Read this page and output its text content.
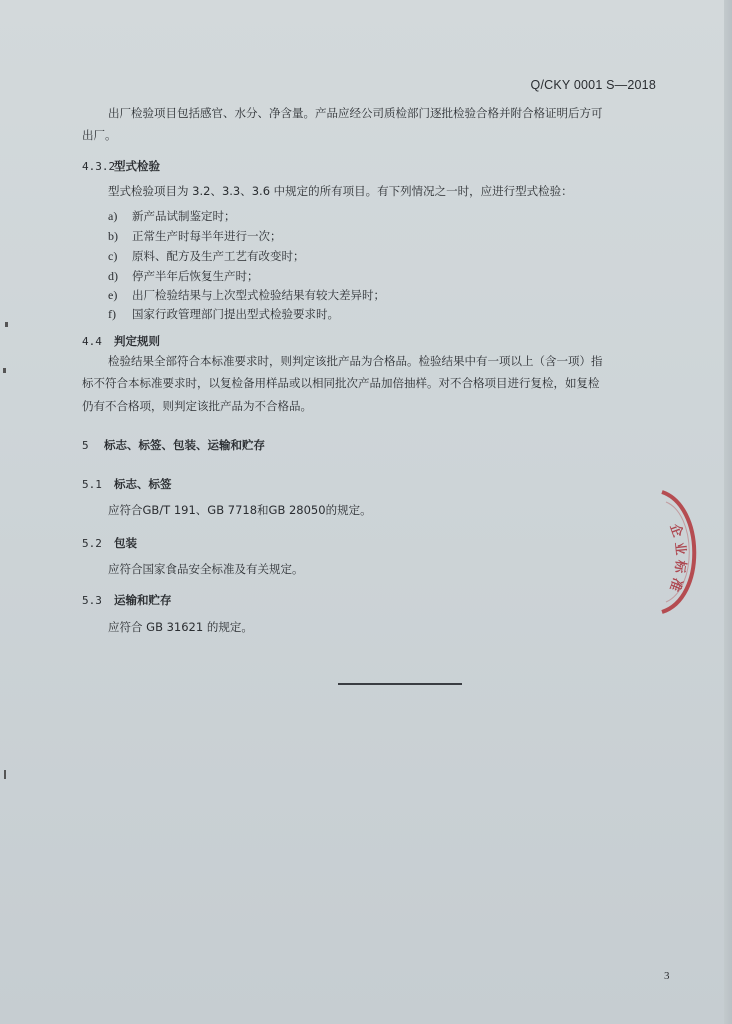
Q/CKY 0001 S—2018
出厂检验项目包括感官、水分、净含量。产品应经公司质检部门逐批检验合格并附合格证明后方可
出厂。
4.3.2型式检验
型式检验项目为 3.2、3.3、3.6 中规定的所有项目。有下列情况之一时，应进行型式检验：
a) 新产品试制鉴定时；
b) 正常生产时每半年进行一次；
c) 原料、配方及生产工艺有改变时；
d) 停产半年后恢复生产时；
e) 出厂检验结果与上次型式检验结果有较大差异时；
f) 国家行政管理部门提出型式检验要求时。
4.4 判定规则
检验结果全部符合本标准要求时，则判定该批产品为合格品。检验结果中有一项以上（含一项）指
标不符合本标准要求时，以复检备用样品或以相同批次产品加倍抽样。对不合格项目进行复检，如复检
仍有不合格项，则判定该批产品为不合格品。
5 标志、标签、包装、运输和贮存
5.1 标志、标签
应符合GB/T 191、GB 7718和GB 28050的规定。
5.2 包装
应符合国家食品安全标准及有关规定。
5.3 运输和贮存
应符合 GB 31621 的规定。
3
企
业
标
准
